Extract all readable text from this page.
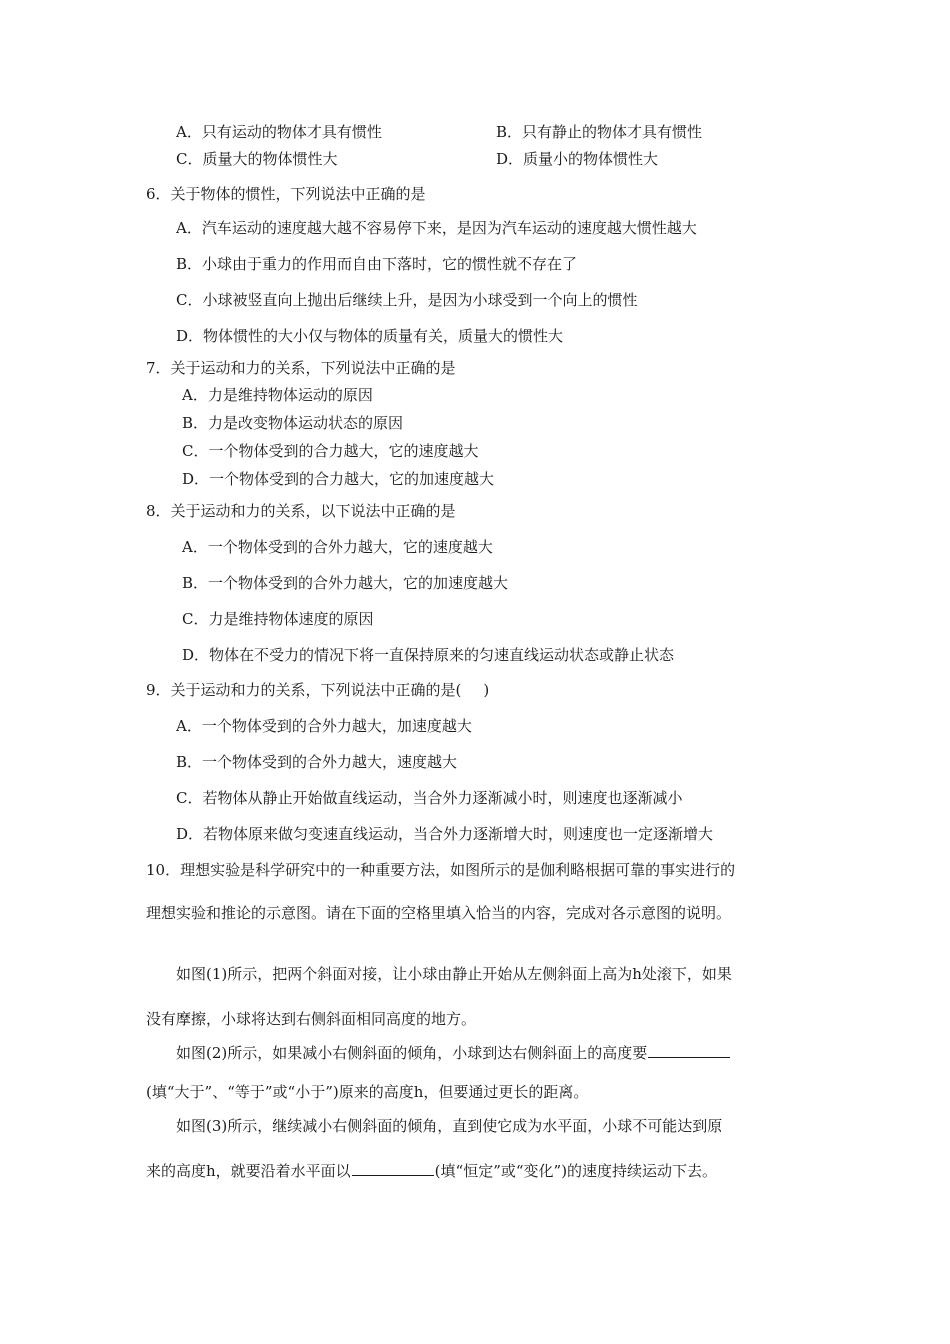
A．只有运动的物体才具有惯性	B．只有静止的物体才具有惯性
C．质量大的物体惯性大	D．质量小的物体惯性大
6．关于物体的惯性，下列说法中正确的是
A．汽车运动的速度越大越不容易停下来，是因为汽车运动的速度越大惯性越大
B．小球由于重力的作用而自由下落时，它的惯性就不存在了
C．小球被竖直向上抛出后继续上升，是因为小球受到一个向上的惯性
D．物体惯性的大小仅与物体的质量有关，质量大的惯性大
7．关于运动和力的关系，下列说法中正确的是
A．力是维持物体运动的原因
B．力是改变物体运动状态的原因
C．一个物体受到的合力越大，它的速度越大
D．一个物体受到的合力越大，它的加速度越大
8．关于运动和力的关系，以下说法中正确的是
A．一个物体受到的合外力越大，它的速度越大
B．一个物体受到的合外力越大，它的加速度越大
C．力是维持物体速度的原因
D．物体在不受力的情况下将一直保持原来的匀速直线运动状态或静止状态
9．关于运动和力的关系，下列说法中正确的是( )
A．一个物体受到的合外力越大，加速度越大
B．一个物体受到的合外力越大，速度越大
C．若物体从静止开始做直线运动，当合外力逐渐减小时，则速度也逐渐减小
D．若物体原来做匀变速直线运动，当合外力逐渐增大时，则速度也一定逐渐增大
10．理想实验是科学研究中的一种重要方法，如图所示的是伽利略根据可靠的事实进行的
理想实验和推论的示意图。请在下面的空格里填入恰当的内容，完成对各示意图的说明。
如图(1)所示，把两个斜面对接，让小球由静止开始从左侧斜面上高为h处滚下，如果
没有摩擦，小球将达到右侧斜面相同高度的地方。
如图(2)所示，如果减小右侧斜面的倾角，小球到达右侧斜面上的高度要
(填“大于”、“等于”或“小于”)原来的高度h，但要通过更长的距离。
如图(3)所示，继续减小右侧斜面的倾角，直到使它成为水平面，小球不可能达到原
来的高度h，就要沿着水平面以	(填“恒定”或“变化”)的速度持续运动下去。
